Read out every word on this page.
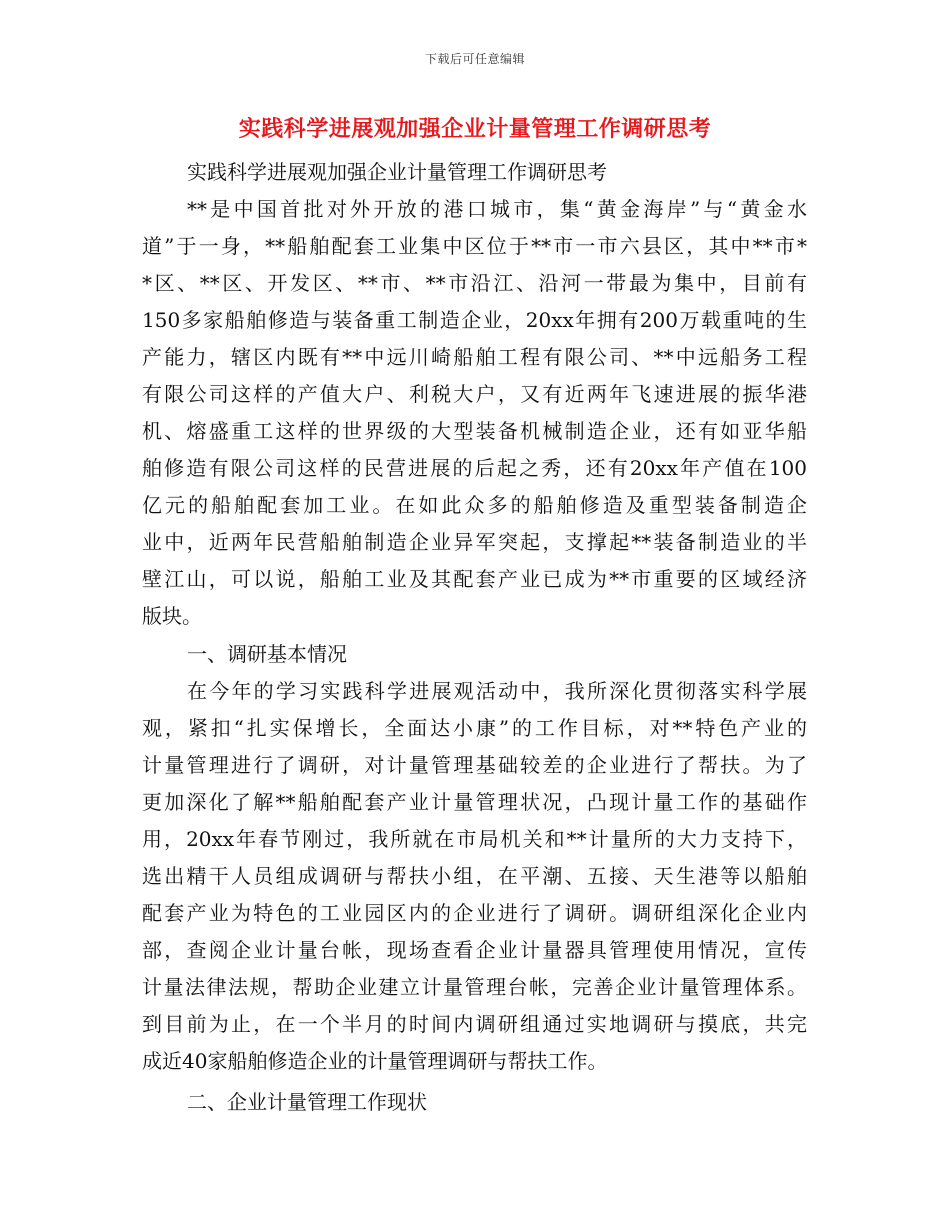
下载后可任意编辑
实践科学进展观加强企业计量管理工作调研思考
实践科学进展观加强企业计量管理工作调研思考
**是中国首批对外开放的港口城市，集“黄金海岸”与“黄金水
道”于一身，**船舶配套工业集中区位于**市一市六县区，其中**市*
*区、**区、开发区、**市、**市沿江、沿河一带最为集中，目前有
150多家船舶修造与装备重工制造企业，20xx年拥有200万载重吨的生
产能力，辖区内既有**中远川崎船舶工程有限公司、**中远船务工程
有限公司这样的产值大户、利税大户，又有近两年飞速进展的振华港
机、熔盛重工这样的世界级的大型装备机械制造企业，还有如亚华船
舶修造有限公司这样的民营进展的后起之秀，还有20xx年产值在100
亿元的船舶配套加工业。在如此众多的船舶修造及重型装备制造企
业中，近两年民营船舶制造企业异军突起，支撑起**装备制造业的半
壁江山，可以说，船舶工业及其配套产业已成为**市重要的区域经济
版块。
一、调研基本情况
在今年的学习实践科学进展观活动中，我所深化贯彻落实科学展
观，紧扣“扎实保增长，全面达小康”的工作目标，对**特色产业的
计量管理进行了调研，对计量管理基础较差的企业进行了帮扶。为了
更加深化了解**船舶配套产业计量管理状况，凸现计量工作的基础作
用，20xx年春节刚过，我所就在市局机关和**计量所的大力支持下，
选出精干人员组成调研与帮扶小组，在平潮、五接、天生港等以船舶
配套产业为特色的工业园区内的企业进行了调研。调研组深化企业内
部，查阅企业计量台帐，现场查看企业计量器具管理使用情况，宣传
计量法律法规，帮助企业建立计量管理台帐，完善企业计量管理体系。
到目前为止，在一个半月的时间内调研组通过实地调研与摸底，共完
成近40家船舶修造企业的计量管理调研与帮扶工作。
二、企业计量管理工作现状
